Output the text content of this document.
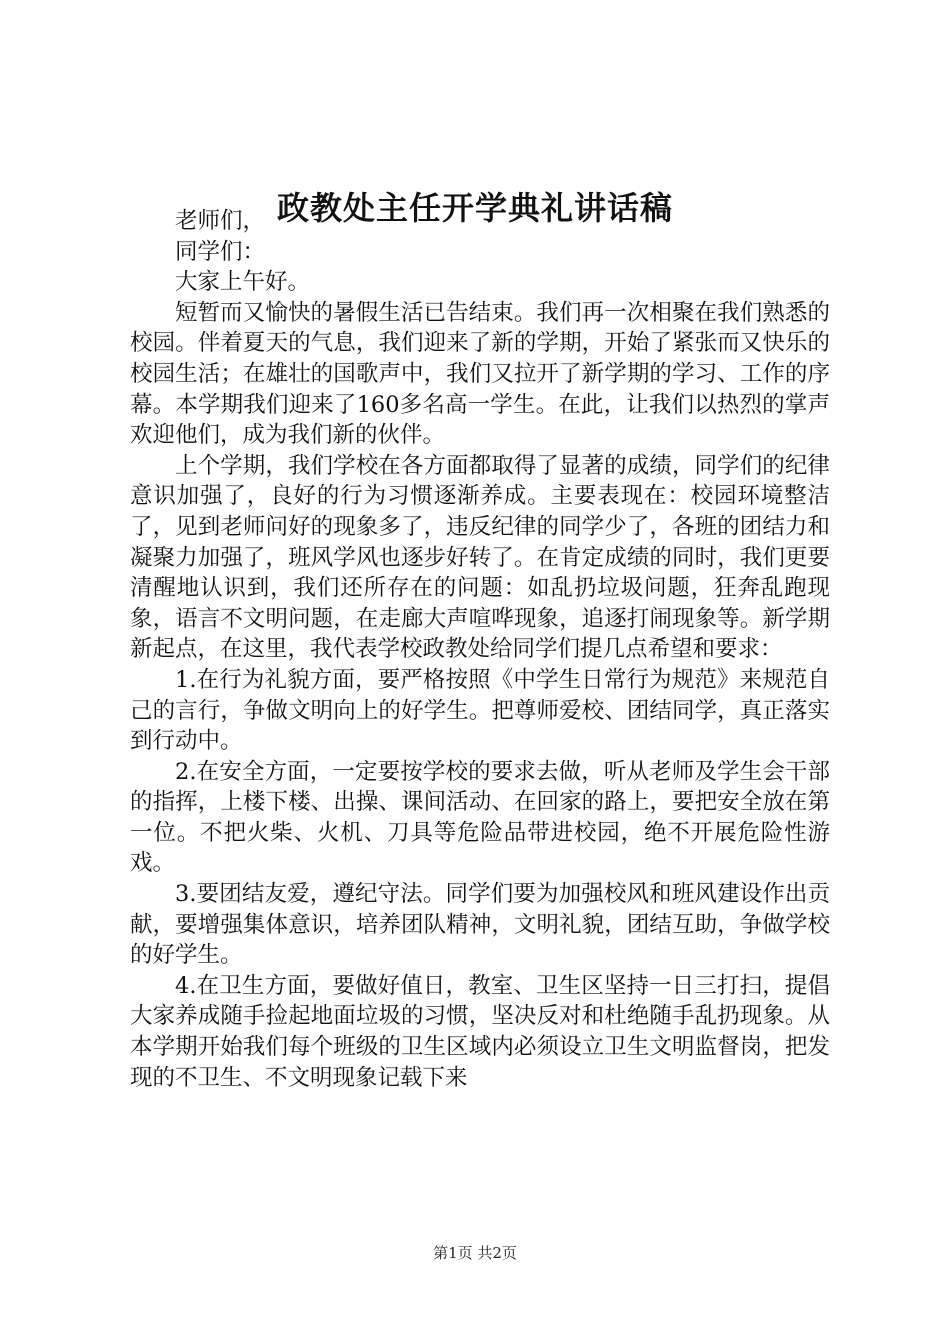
政教处主任开学典礼讲话稿

老师们，

同学们：

大家上午好。

短暂而又愉快的暑假生活已告结束。我们再一次相聚在我们熟悉的校园。伴着夏天的气息，我们迎来了新的学期，开始了紧张而又快乐的校园生活；在雄壮的国歌声中，我们又拉开了新学期的学习、工作的序幕。本学期我们迎来了160多名高一学生。在此，让我们以热烈的掌声欢迎他们，成为我们新的伙伴。

上个学期，我们学校在各方面都取得了显著的成绩，同学们的纪律意识加强了，良好的行为习惯逐渐养成。主要表现在：校园环境整洁了，见到老师问好的现象多了，违反纪律的同学少了，各班的团结力和凝聚力加强了，班风学风也逐步好转了。在肯定成绩的同时，我们更要清醒地认识到，我们还所存在的问题：如乱扔垃圾问题，狂奔乱跑现象，语言不文明问题，在走廊大声喧哗现象，追逐打闹现象等。新学期新起点，在这里，我代表学校政教处给同学们提几点希望和要求：

1.在行为礼貌方面，要严格按照《中学生日常行为规范》来规范自己的言行，争做文明向上的好学生。把尊师爱校、团结同学，真正落实到行动中。

2.在安全方面，一定要按学校的要求去做，听从老师及学生会干部的指挥，上楼下楼、出操、课间活动、在回家的路上，要把安全放在第一位。不把火柴、火机、刀具等危险品带进校园，绝不开展危险性游戏。

3.要团结友爱，遵纪守法。同学们要为加强校风和班风建设作出贡献，要增强集体意识，培养团队精神，文明礼貌，团结互助，争做学校的好学生。

4.在卫生方面，要做好值日，教室、卫生区坚持一日三打扫，提倡大家养成随手捡起地面垃圾的习惯，坚决反对和杜绝随手乱扔现象。从本学期开始我们每个班级的卫生区域内必须设立卫生文明监督岗，把发现的不卫生、不文明现象记载下来

第1页 共2页
